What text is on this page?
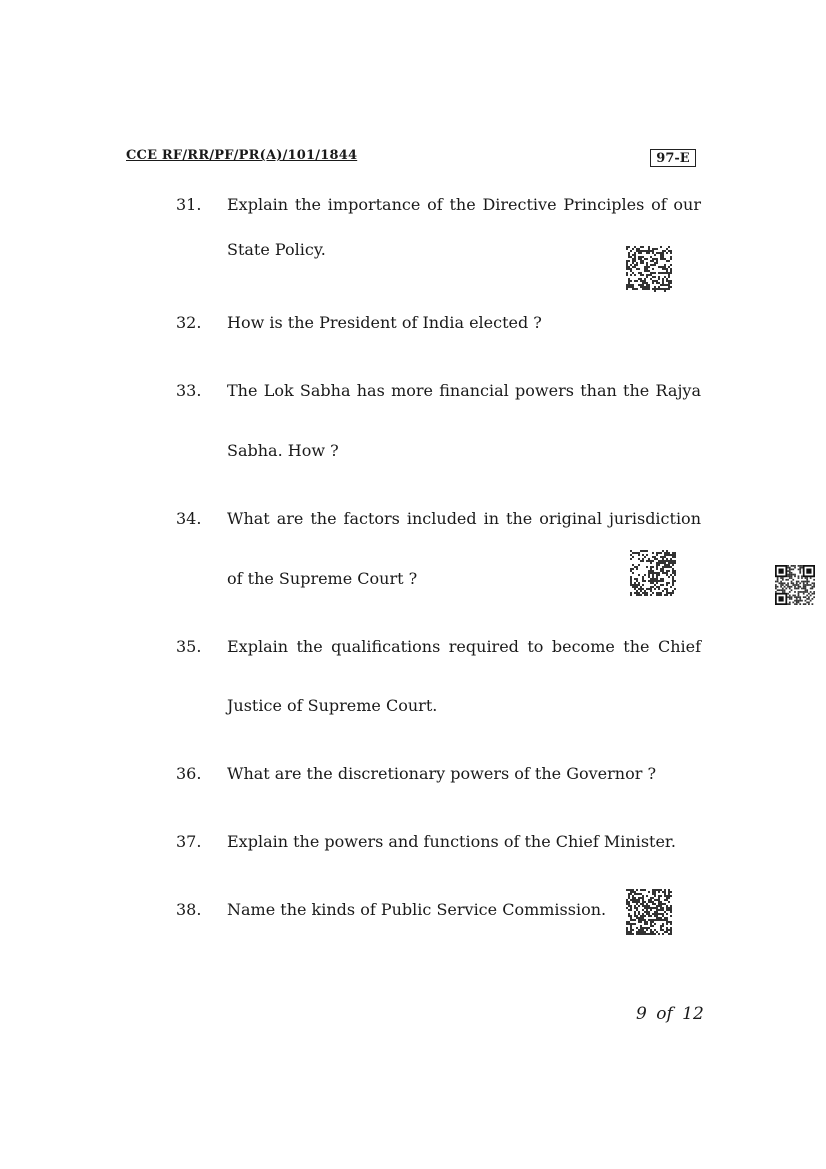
CCE RF/RR/PF/PR(A)/101/1844	97-E
31. Explain the importance of the Directive Principles of our
State Policy.
32. How is the President of India elected ?
33. The Lok Sabha has more financial powers than the Rajya
Sabha. How ?
34. What are the factors included in the original jurisdiction
of the Supreme Court ?
35. Explain the qualifications required to become the Chief
Justice of Supreme Court.
36. What are the discretionary powers of the Governor ?
37. Explain the powers and functions of the Chief Minister.
38. Name the kinds of Public Service Commission.
9 of 12
